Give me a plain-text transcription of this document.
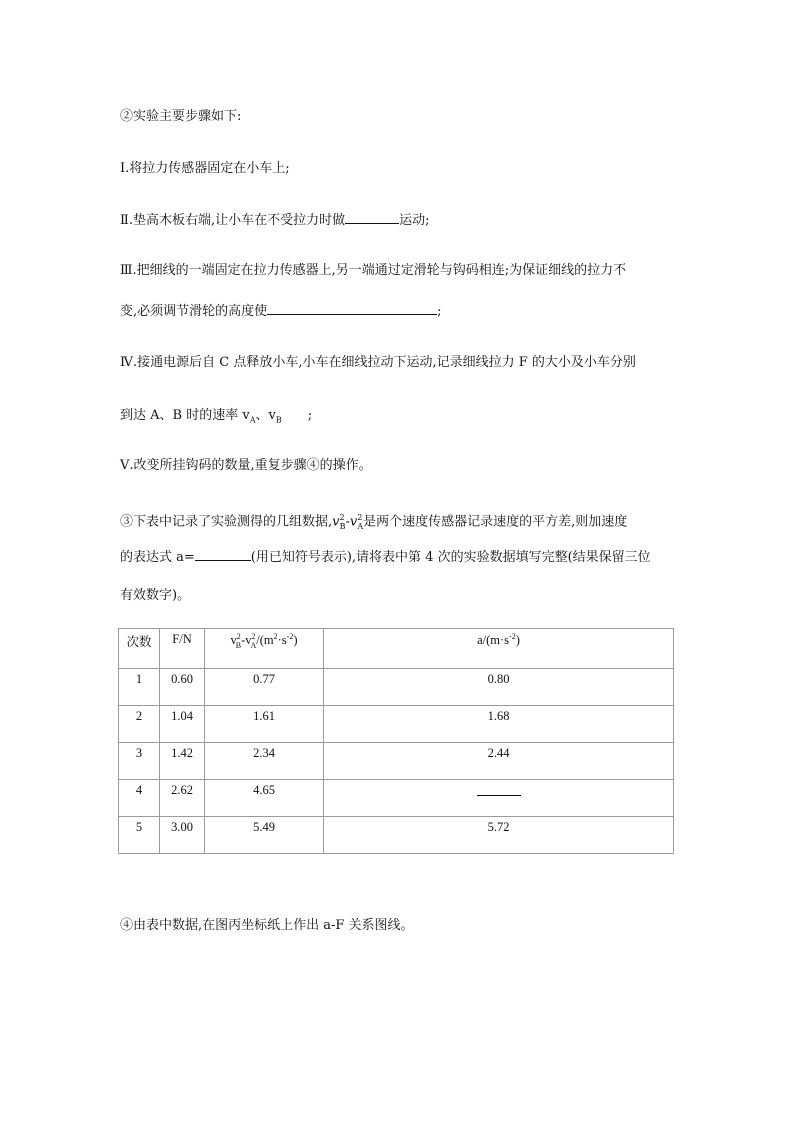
②实验主要步骤如下:
Ⅰ.将拉力传感器固定在小车上;
Ⅱ.垫高木板右端,让小车在不受拉力时做	运动;
Ⅲ.把细线的一端固定在拉力传感器上,另一端通过定滑轮与钩码相连;为保证细线的拉力不
变,必须调节滑轮的高度使	;
Ⅳ.接通电源后自 C 点释放小车,小车在细线拉动下运动,记录细线拉力 F 的大小及小车分别
到达 A、B 时的速率 $v_A$、$v_B$ ;
Ⅴ.改变所挂钩码的数量,重复步骤④的操作。
③下表中记录了实验测得的几组数据$,v^2_B-v^2_A$是两个速度传感器记录速度的平方差,则加速度
的表达式 a=	(用已知符号表示),请将表中第 4 次的实验数据填写完整(结果保留三位
有效数字)。
次数	F/N	$v^2_B-v^2_A/(m^2\cdot s^{-2})$	$a/(m\cdot s^{-2})$
1	0.60	0.77	0.80
2	1.04	1.61	1.68
3	1.42	2.34	2.44
4	2.62	4.65	
5	3.00	5.49	5.72
④由表中数据,在图丙坐标纸上作出 a-F 关系图线。
